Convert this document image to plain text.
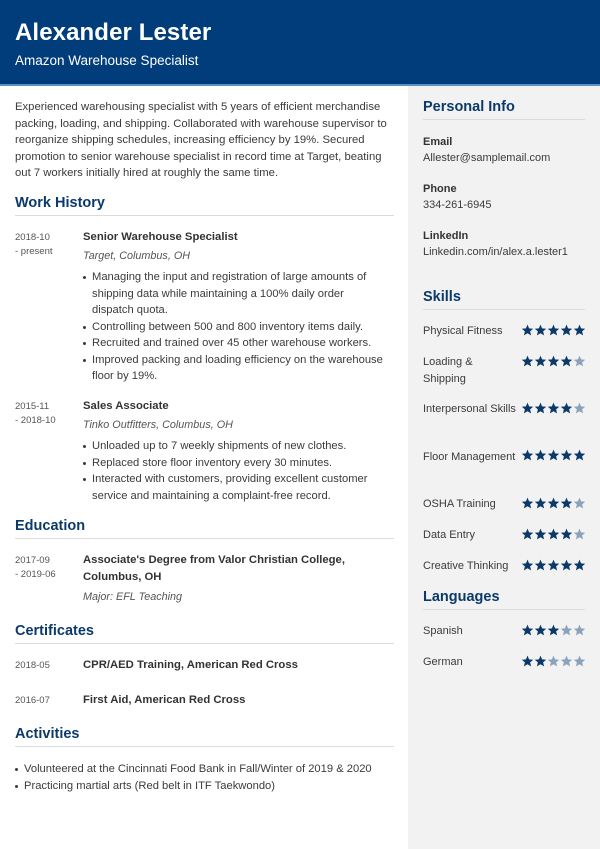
Alexander Lester
Amazon Warehouse Specialist

Experienced warehousing specialist with 5 years of efficient merchandise packing, loading, and shipping. Collaborated with warehouse supervisor to reorganize shipping schedules, increasing efficiency by 19%. Secured promotion to senior warehouse specialist in record time at Target, beating out 7 workers initially hired at roughly the same time.

Work History
2018-10
- present
Senior Warehouse Specialist
Target, Columbus, OH
Managing the input and registration of large amounts of shipping data while maintaining a 100% daily order dispatch quota.
Controlling between 500 and 800 inventory items daily.
Recruited and trained over 45 other warehouse workers.
Improved packing and loading efficiency on the warehouse floor by 19%.
2015-11
- 2018-10
Sales Associate
Tinko Outfitters, Columbus, OH
Unloaded up to 7 weekly shipments of new clothes.
Replaced store floor inventory every 30 minutes.
Interacted with customers, providing excellent customer service and maintaining a complaint-free record.
Education
2017-09
- 2019-06
Associate's Degree from Valor Christian College, Columbus, OH
Major: EFL Teaching
Certificates
2018-05	CPR/AED Training, American Red Cross
2016-07	First Aid, American Red Cross
Activities
Volunteered at the Cincinnati Food Bank in Fall/Winter of 2019 & 2020
Practicing martial arts (Red belt in ITF Taekwondo)
Personal Info
Email
Allester@samplemail.com
Phone
334-261-6945
LinkedIn
Linkedin.com/in/alex.a.lester1
Skills
Physical Fitness
Loading & Shipping
Interpersonal Skills
Floor Management
OSHA Training
Data Entry
Creative Thinking
Languages
Spanish
German
